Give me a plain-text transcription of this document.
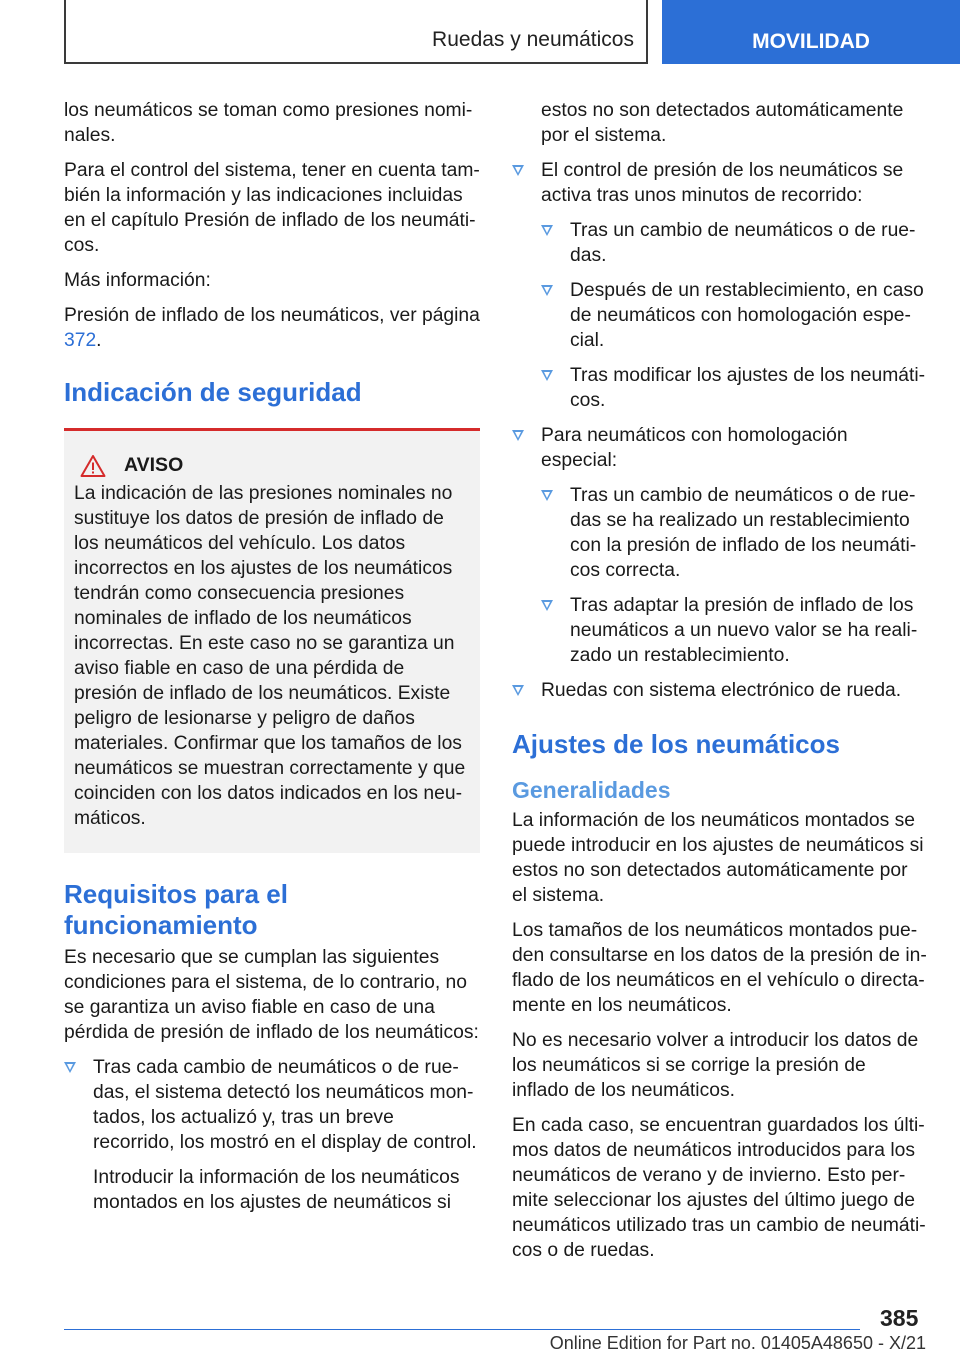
Ruedas y neumáticos	MOVILIDAD

los neumáticos se toman como presiones nominales.

Para el control del sistema, tener en cuenta también la información y las indicaciones incluidas en el capítulo Presión de inflado de los neumáticos.

Más información:

Presión de inflado de los neumáticos, ver página 372.

Indicación de seguridad
AVISO
La indicación de las presiones nominales no sustituye los datos de presión de inflado de los neumáticos del vehículo. Los datos incorrectos en los ajustes de los neumáticos tendrán como consecuencia presiones nominales de inflado de los neumáticos incorrectas. En este caso no se garantiza un aviso fiable en caso de una pérdida de presión de inflado de los neumáticos. Existe peligro de lesionarse y peligro de daños materiales. Confirmar que los tamaños de los neumáticos se muestran correctamente y que coinciden con los datos indicados en los neumáticos.
Requisitos para el funcionamiento

Es necesario que se cumplan las siguientes condiciones para el sistema, de lo contrario, no se garantiza un aviso fiable en caso de una pérdida de presión de inflado de los neumáticos:

Tras cada cambio de neumáticos o de ruedas, el sistema detectó los neumáticos montados, los actualizó y, tras un breve recorrido, los mostró en el display de control.
Introducir la información de los neumáticos montados en los ajustes de neumáticos si
estos no son detectados automáticamente por el sistema.
El control de presión de los neumáticos se activa tras unos minutos de recorrido:
Tras un cambio de neumáticos o de ruedas.
Después de un restablecimiento, en caso de neumáticos con homologación especial.
Tras modificar los ajustes de los neumáticos.
Para neumáticos con homologación especial:
Tras un cambio de neumáticos o de ruedas se ha realizado un restablecimiento con la presión de inflado de los neumáticos correcta.
Tras adaptar la presión de inflado de los neumáticos a un nuevo valor se ha realizado un restablecimiento.
Ruedas con sistema electrónico de rueda.
Ajustes de los neumáticos
Generalidades

La información de los neumáticos montados se puede introducir en los ajustes de neumáticos si estos no son detectados automáticamente por el sistema.

Los tamaños de los neumáticos montados pueden consultarse en los datos de la presión de inflado de los neumáticos en el vehículo o directamente en los neumáticos.

No es necesario volver a introducir los datos de los neumáticos si se corrige la presión de inflado de los neumáticos.

En cada caso, se encuentran guardados los últimos datos de neumáticos introducidos para los neumáticos de verano y de invierno. Esto permite seleccionar los ajustes del último juego de neumáticos utilizado tras un cambio de neumáticos o de ruedas.

385
Online Edition for Part no. 01405A48650 - X/21
